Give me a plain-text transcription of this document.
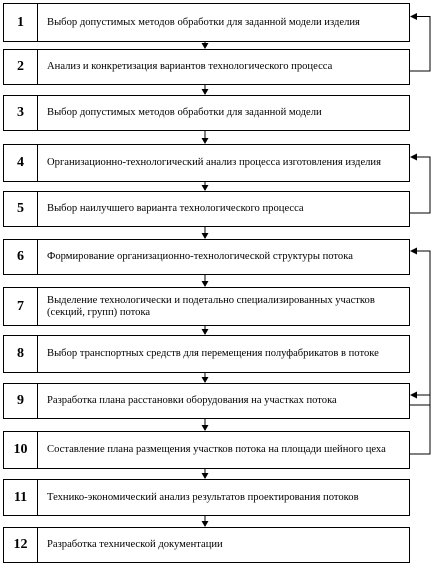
1	Выбор допустимых методов обработки для заданной модели изделия
2	Анализ и конкретизация вариантов технологического процесса
3	Выбор допустимых методов обработки для заданной модели
4	Организационно-технологический анализ процесса изготовления изделия
5	Выбор наилучшего варианта технологического процесса
6	Формирование организационно-технологической структуры потока
7	Выделение технологически и подетально специализированных участков (секций, групп) потока
8	Выбор транспортных средств для перемещения полуфабрикатов в потоке
9	Разработка плана расстановки оборудования на участках потока
10	Составление плана размещения участков потока на площади шейного цеха
11	Технико-экономический анализ результатов проектирования потоков
12	Разработка технической документации
